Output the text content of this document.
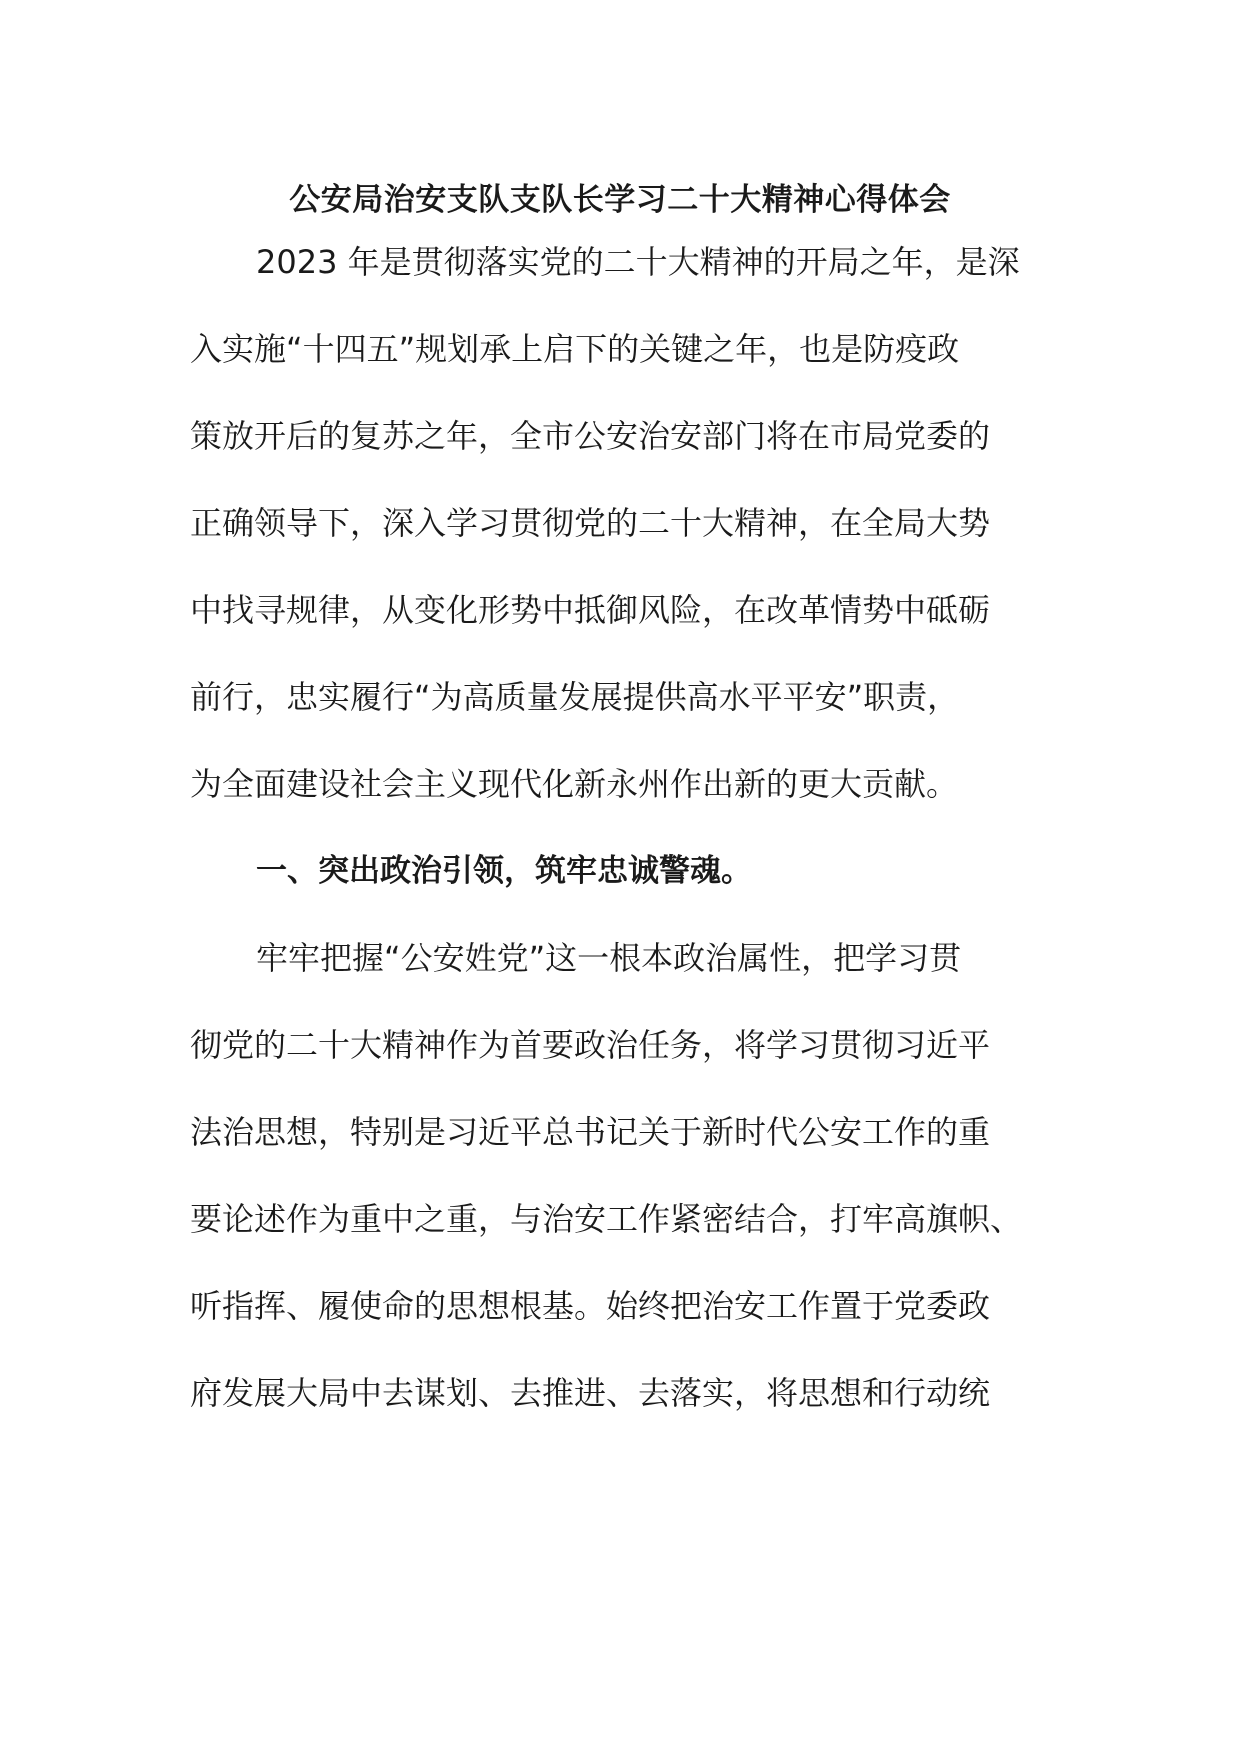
公安局治安支队支队长学习二十大精神心得体会
2023 年是贯彻落实党的二十大精神的开局之年，是深
入实施“十四五”规划承上启下的关键之年，也是防疫政
策放开后的复苏之年，全市公安治安部门将在市局党委的
正确领导下，深入学习贯彻党的二十大精神，在全局大势
中找寻规律，从变化形势中抵御风险，在改革情势中砥砺
前行，忠实履行“为高质量发展提供高水平平安”职责，
为全面建设社会主义现代化新永州作出新的更大贡献。
一、突出政治引领，筑牢忠诚警魂。
牢牢把握“公安姓党”这一根本政治属性，把学习贯
彻党的二十大精神作为首要政治任务，将学习贯彻习近平
法治思想，特别是习近平总书记关于新时代公安工作的重
要论述作为重中之重，与治安工作紧密结合，打牢高旗帜、
听指挥、履使命的思想根基。始终把治安工作置于党委政
府发展大局中去谋划、去推进、去落实，将思想和行动统
